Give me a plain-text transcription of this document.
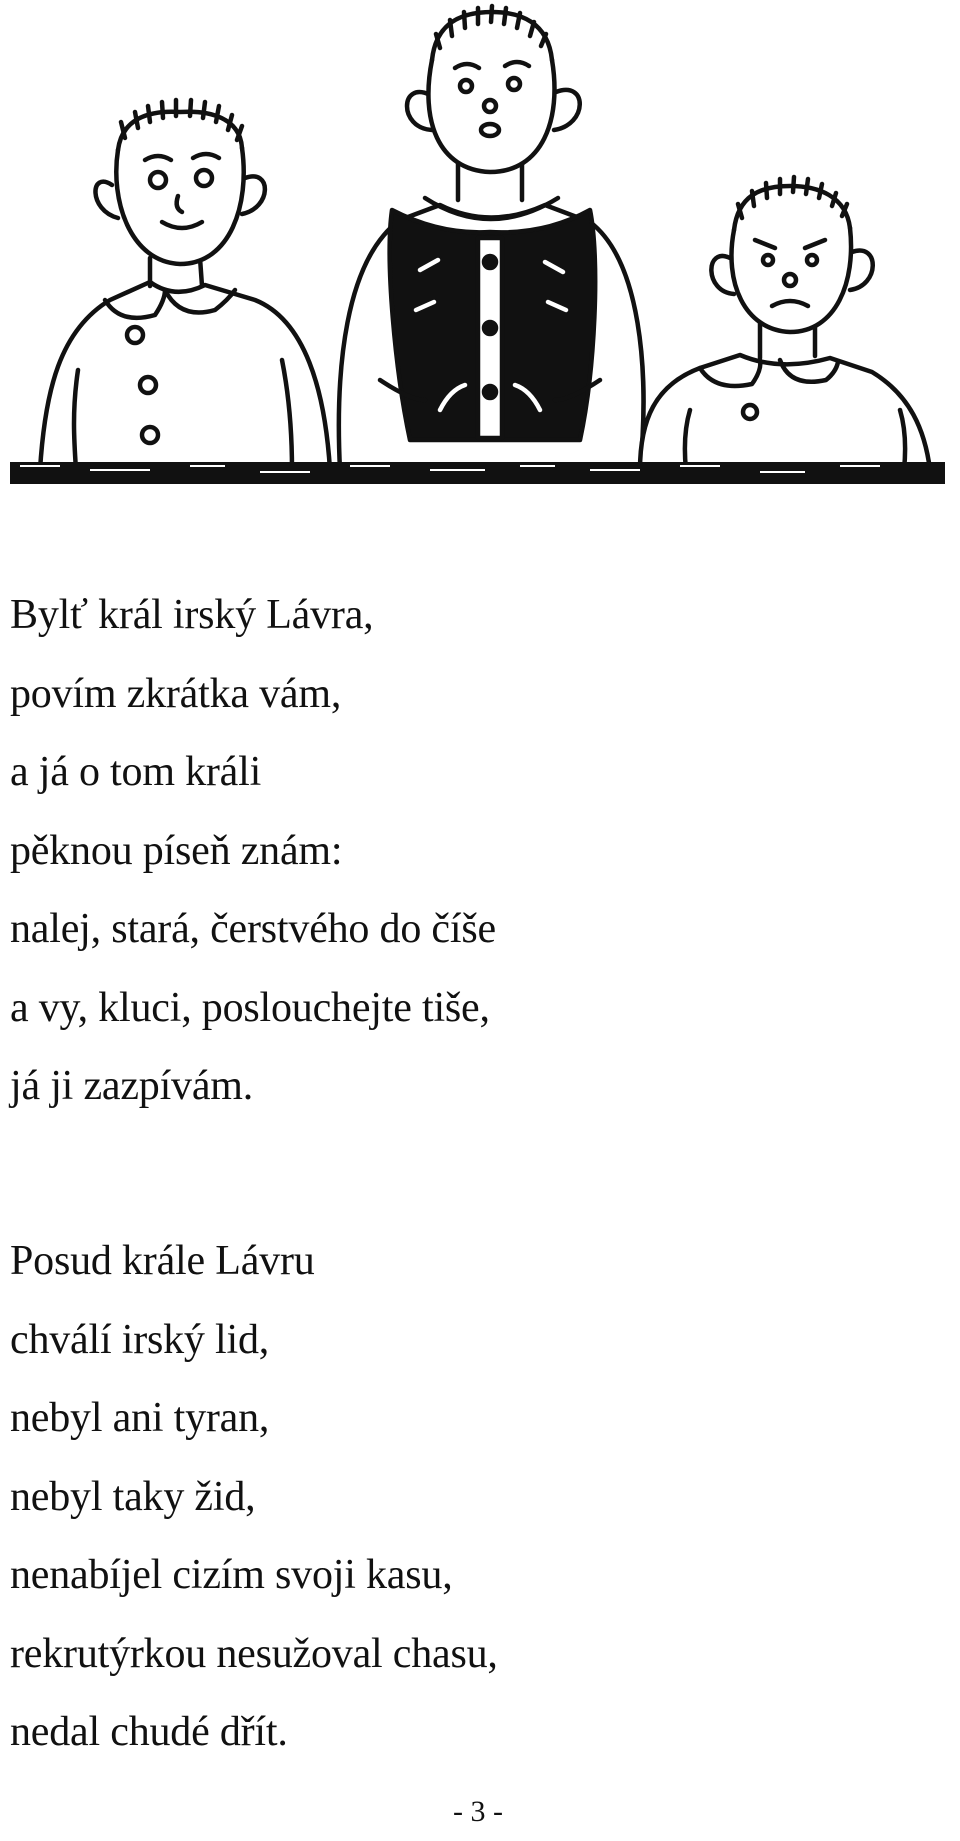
Bylť král irský Lávra,
povím zkrátka vám,
a já o tom králi
pěknou píseň znám:
nalej, stará, čerstvého do číše
a vy, kluci, poslouchejte tiše,
já ji zazpívám.
Posud krále Lávru
chválí irský lid,
nebyl ani tyran,
nebyl taky žid,
nenabíjel cizím svoji kasu,
rekrutýrkou nesužoval chasu,
nedal chudé dřít.
- 3 -
